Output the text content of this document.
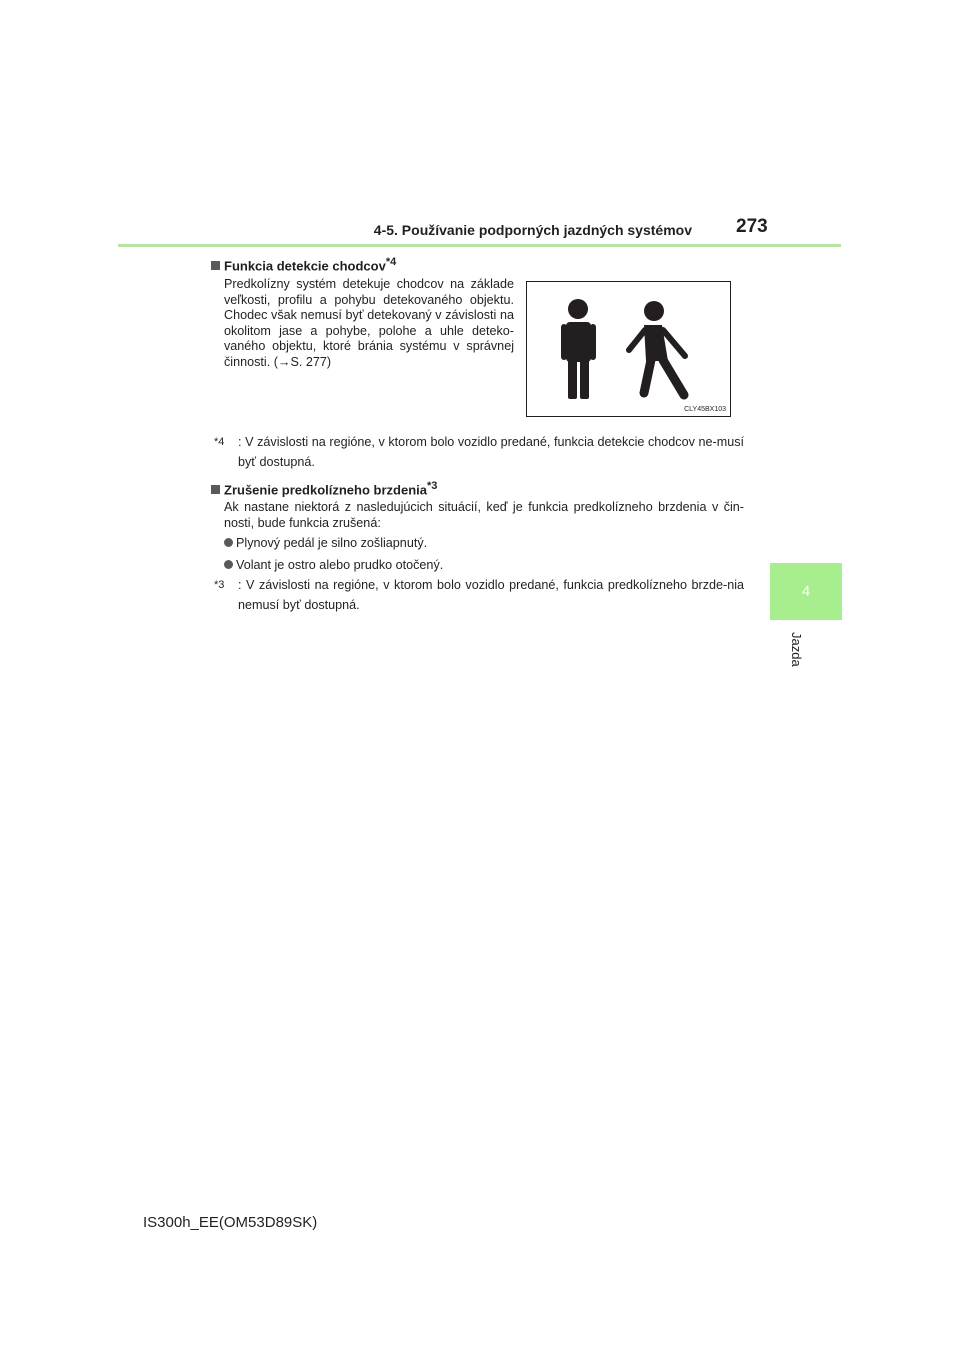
4-5. Používanie podporných jazdných systémov 273
4
Jazda
Funkcia detekcie chodcov$^{*4}$
Predkolízny systém detekuje chodcov na základe veľkosti, profilu a pohybu detekovaného objektu. Chodec však nemusí byť detekovaný v závislosti na okolitom jase a pohybe, polohe a uhle deteko-vaného objektu, ktoré bránia systému v správnej činnosti. (→S. 277)
CLY45BX103
$^{*4}$ : V závislosti na regióne, v ktorom bolo vozidlo predané, funkcia detekcie chodcov ne-musí byť dostupná.
Zrušenie predkolízneho brzdenia$^{*3}$
Ak nastane niektorá z nasledujúcich situácií, keď je funkcia predkolízneho brzdenia v čin-nosti, bude funkcia zrušená:
Plynový pedál je silno zošliapnutý.
Volant je ostro alebo prudko otočený.
$^{*3}$ : V závislosti na regióne, v ktorom bolo vozidlo predané, funkcia predkolízneho brzde-nia nemusí byť dostupná.
IS300h_EE(OM53D89SK)
